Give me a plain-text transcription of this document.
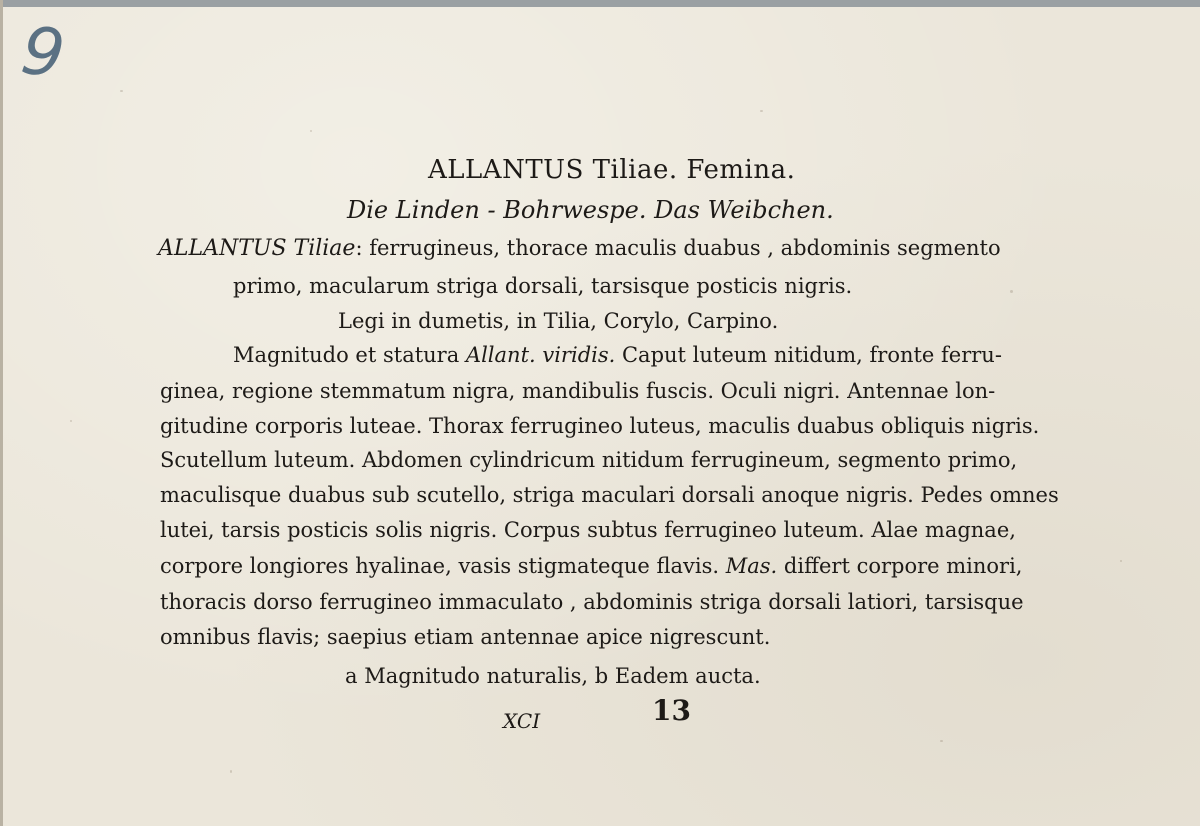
9
ALLANTUS Tiliae. Femina.
Die Linden - Bohrwespe. Das Weibchen.
ALLANTUS Tiliae: ferrugineus, thorace maculis duabus , abdominis segmento
primo, macularum striga dorsali, tarsisque posticis nigris.
Legi in dumetis, in Tilia, Corylo, Carpino.
Magnitudo et statura Allant. viridis. Caput luteum nitidum, fronte ferru-
ginea, regione stemmatum nigra, mandibulis fuscis. Oculi nigri. Antennae lon-
gitudine corporis luteae. Thorax ferrugineo luteus, maculis duabus obliquis nigris.
Scutellum luteum. Abdomen cylindricum nitidum ferrugineum, segmento primo,
maculisque duabus sub scutello, striga maculari dorsali anoque nigris. Pedes omnes
lutei, tarsis posticis solis nigris. Corpus subtus ferrugineo luteum. Alae magnae,
corpore longiores hyalinae, vasis stigmateque flavis. Mas. differt corpore minori,
thoracis dorso ferrugineo immaculato , abdominis striga dorsali latiori, tarsisque
omnibus flavis; saepius etiam antennae apice nigrescunt.
a Magnitudo naturalis, b Eadem aucta.
XCI	13
